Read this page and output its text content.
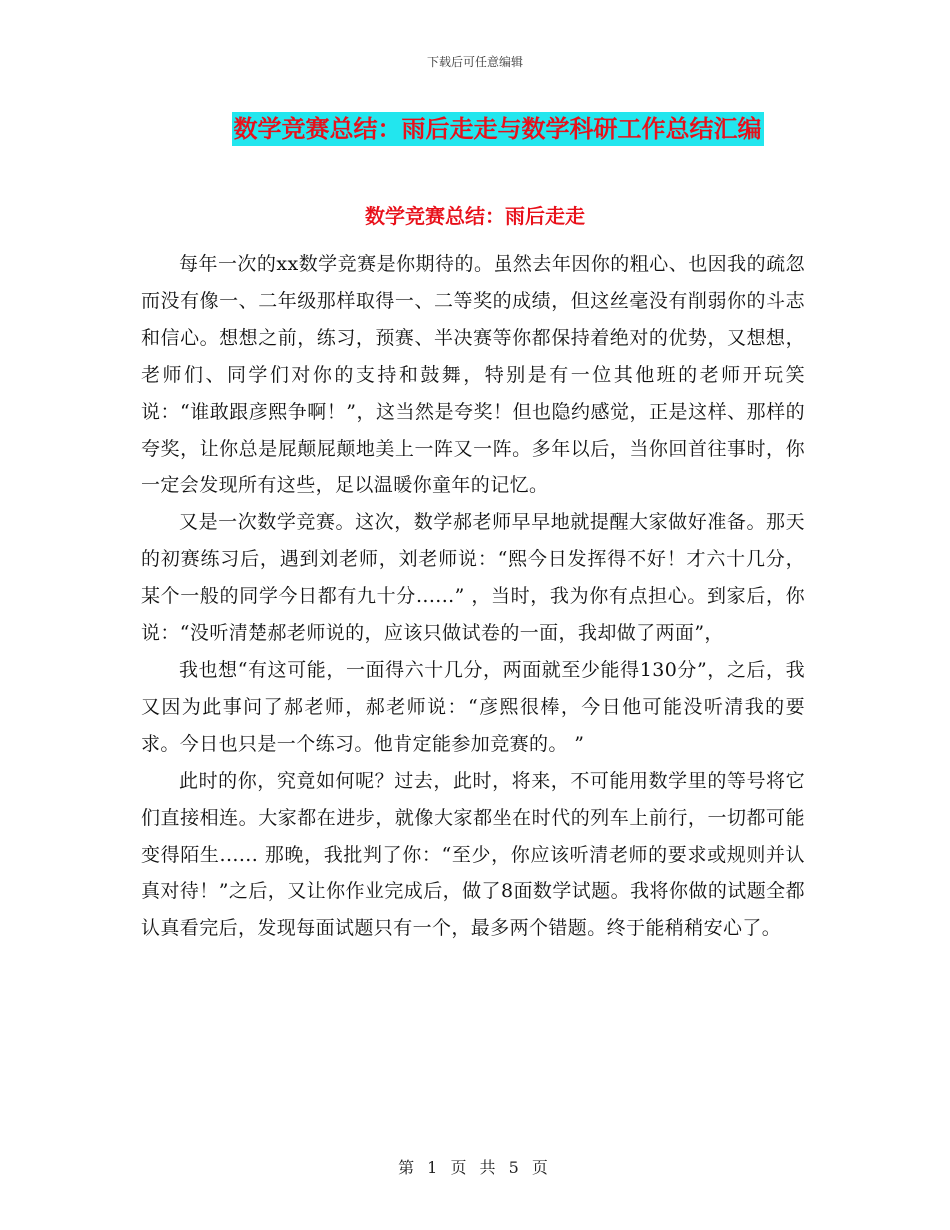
下载后可任意编辑
数学竞赛总结：雨后走走与数学科研工作总结汇编
数学竞赛总结：雨后走走

每年一次的xx数学竞赛是你期待的。虽然去年因你的粗心、也因我的疏忽而没有像一、二年级那样取得一、二等奖的成绩，但这丝毫没有削弱你的斗志和信心。想想之前，练习，预赛、半决赛等你都保持着绝对的优势，又想想，老师们、同学们对你的支持和鼓舞，特别是有一位其他班的老师开玩笑说：“谁敢跟彦熙争啊！”，这当然是夸奖！但也隐约感觉，正是这样、那样的夸奖，让你总是屁颠屁颠地美上一阵又一阵。多年以后，当你回首往事时，你一定会发现所有这些，足以温暖你童年的记忆。

又是一次数学竞赛。这次，数学郝老师早早地就提醒大家做好准备。那天的初赛练习后，遇到刘老师，刘老师说：“熙今日发挥得不好！才六十几分，某个一般的同学今日都有九十分......” ，当时，我为你有点担心。到家后，你说：“没听清楚郝老师说的，应该只做试卷的一面，我却做了两面”，

我也想“有这可能，一面得六十几分，两面就至少能得130分”，之后，我又因为此事问了郝老师，郝老师说：“彦熙很棒，今日他可能没听清我的要求。今日也只是一个练习。他肯定能参加竞赛的。 ”

此时的你，究竟如何呢？过去，此时，将来，不可能用数学里的等号将它们直接相连。大家都在进步，就像大家都坐在时代的列车上前行，一切都可能变得陌生...... 那晚，我批判了你：“至少，你应该听清老师的要求或规则并认真对待！”之后，又让你作业完成后，做了8面数学试题。我将你做的试题全都认真看完后，发现每面试题只有一个，最多两个错题。终于能稍稍安心了。

第 1 页 共 5 页
